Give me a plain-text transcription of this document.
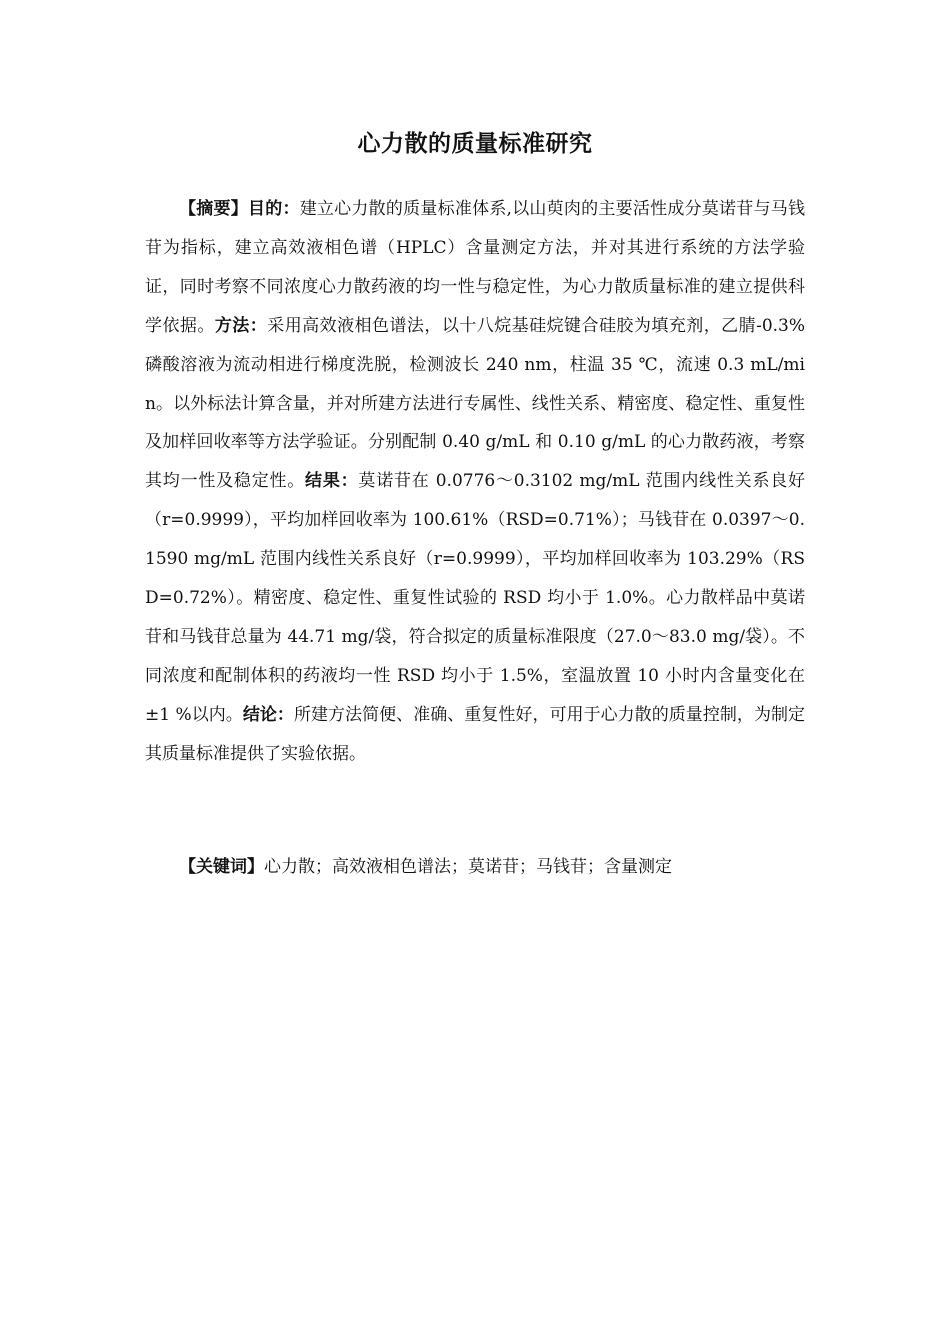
心力散的质量标准研究
【摘要】目的：建立心力散的质量标准体系,以山萸肉的主要活性成分莫诺苷与马钱苷为指标，建立高效液相色谱（HPLC）含量测定方法，并对其进行系统的方法学验证，同时考察不同浓度心力散药液的均一性与稳定性，为心力散质量标准的建立提供科学依据。方法：采用高效液相色谱法，以十八烷基硅烷键合硅胶为填充剂，乙腈-0.3%磷酸溶液为流动相进行梯度洗脱，检测波长 240 nm，柱温 35 ℃，流速 0.3 mL/min。以外标法计算含量，并对所建方法进行专属性、线性关系、精密度、稳定性、重复性及加样回收率等方法学验证。分别配制 0.40 g/mL 和 0.10 g/mL 的心力散药液，考察其均一性及稳定性。结果：莫诺苷在 0.0776～0.3102 mg/mL 范围内线性关系良好（r=0.9999），平均加样回收率为 100.61%（RSD=0.71%）；马钱苷在 0.0397～0.1590 mg/mL 范围内线性关系良好（r=0.9999），平均加样回收率为 103.29%（RSD=0.72%）。精密度、稳定性、重复性试验的 RSD 均小于 1.0%。心力散样品中莫诺苷和马钱苷总量为 44.71 mg/袋，符合拟定的质量标准限度（27.0～83.0 mg/袋）。不同浓度和配制体积的药液均一性 RSD 均小于 1.5%，室温放置 10 小时内含量变化在±1 %以内。结论：所建方法简便、准确、重复性好，可用于心力散的质量控制，为制定其质量标准提供了实验依据。
【关键词】心力散；高效液相色谱法；莫诺苷；马钱苷；含量测定
